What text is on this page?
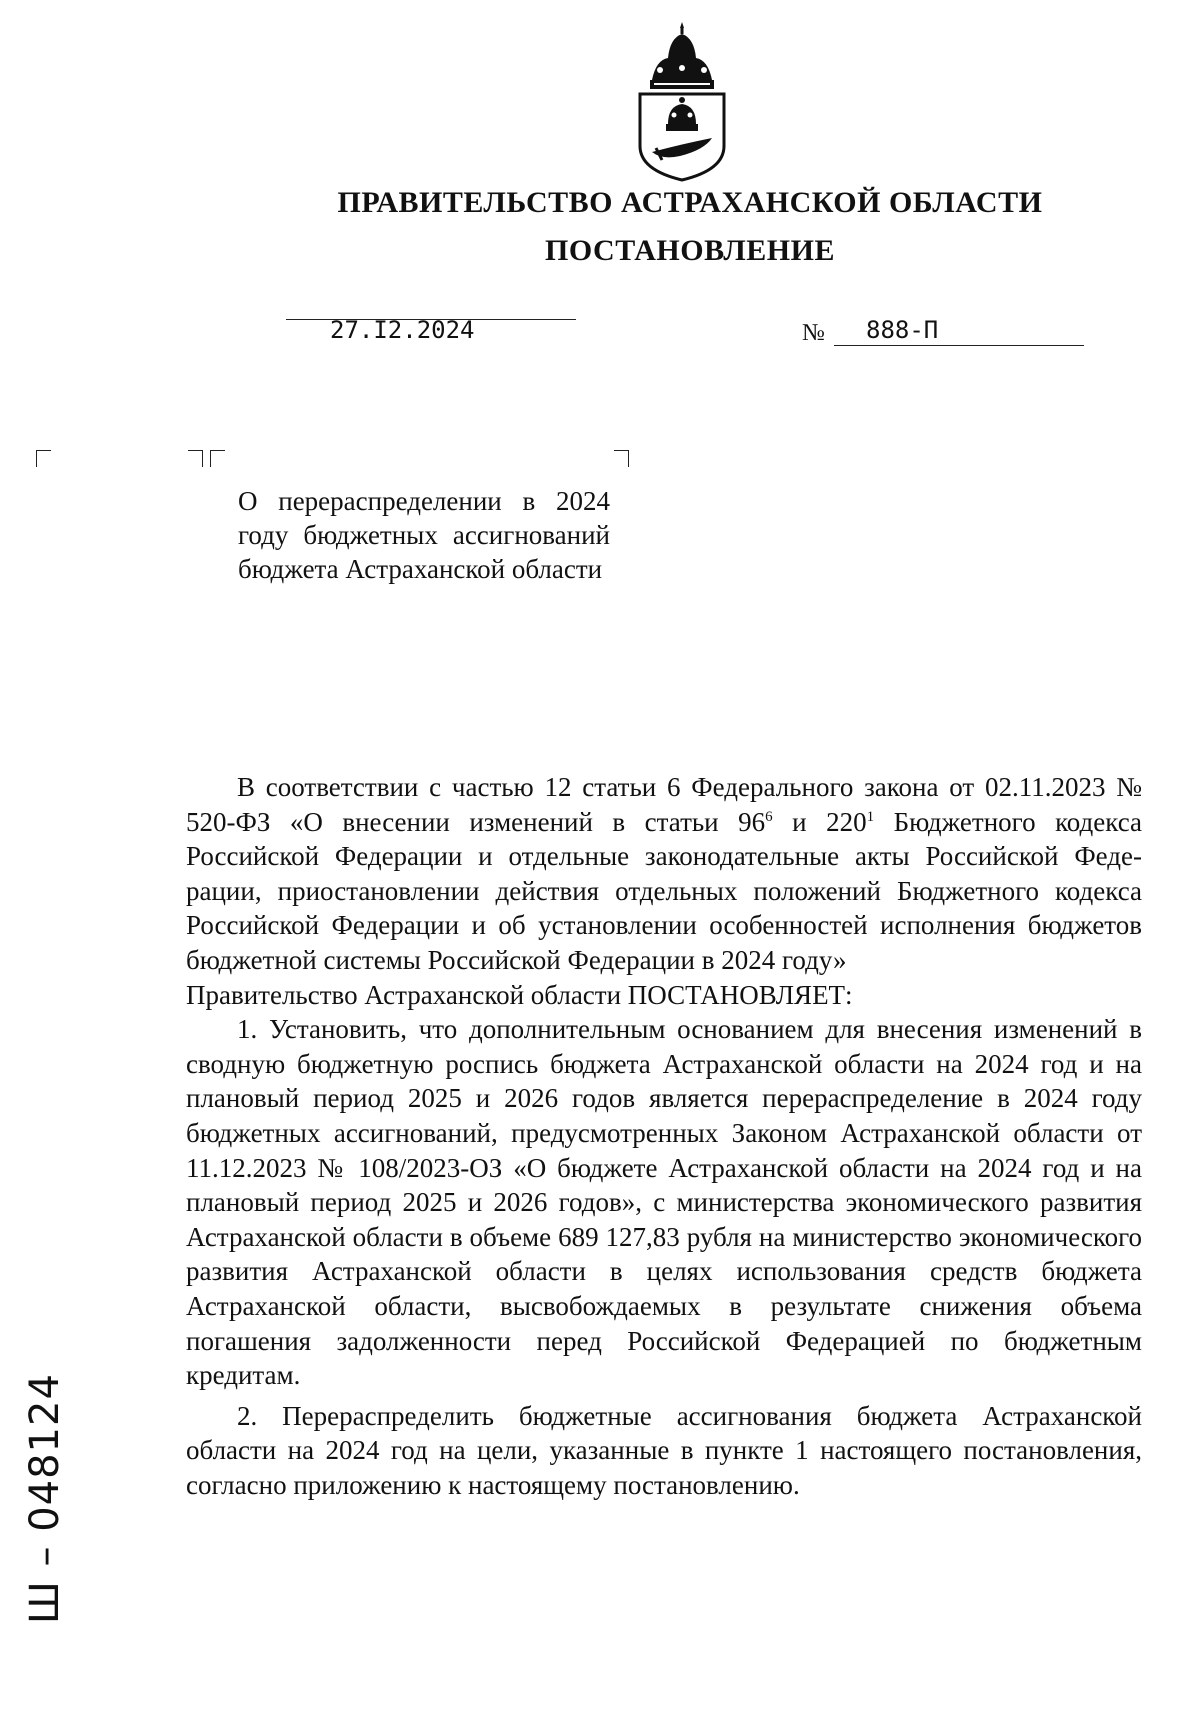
ПРАВИТЕЛЬСТВО АСТРАХАНСКОЙ ОБЛАСТИ
ПОСТАНОВЛЕНИЕ
27.I2.2024	№ 888-П
О перераспределении в 2024 году бюджетных ассигнований бюджета Астраханской области

В соответствии с частью 12 статьи 6 Федерального закона от 02.11.2023 № 520-ФЗ «О внесении изменений в статьи $96^6$ и $220^1$ Бюджетного кодекса Российской Федерации и отдельные законодательные акты Российской Федерации, приостановлении действия отдельных положений Бюджетного кодекса Российской Федерации и об установлении особенностей исполнения бюджетов бюджетной системы Российской Федерации в 2024 году»

Правительство Астраханской области ПОСТАНОВЛЯЕТ:

1. Установить, что дополнительным основанием для внесения изменений в сводную бюджетную роспись бюджета Астраханской области на 2024 год и на плановый период 2025 и 2026 годов является перераспределение в 2024 году бюджетных ассигнований, предусмотренных Законом Астраханской области от 11.12.2023 № 108/2023-ОЗ «О бюджете Астраханской области на 2024 год и на плановый период 2025 и 2026 годов», с министерства экономического развития Астраханской области в объеме 689 127,83 рубля на министерство экономического развития Астраханской области в целях использования средств бюджета Астраханской области, высвобождаемых в результате снижения объема погашения задолженности перед Российской Федерацией по бюджетным кредитам.

2. Перераспределить бюджетные ассигнования бюджета Астраханской области на 2024 год на цели, указанные в пункте 1 настоящего постановления, согласно приложению к настоящему постановлению.

Ш – 048124
